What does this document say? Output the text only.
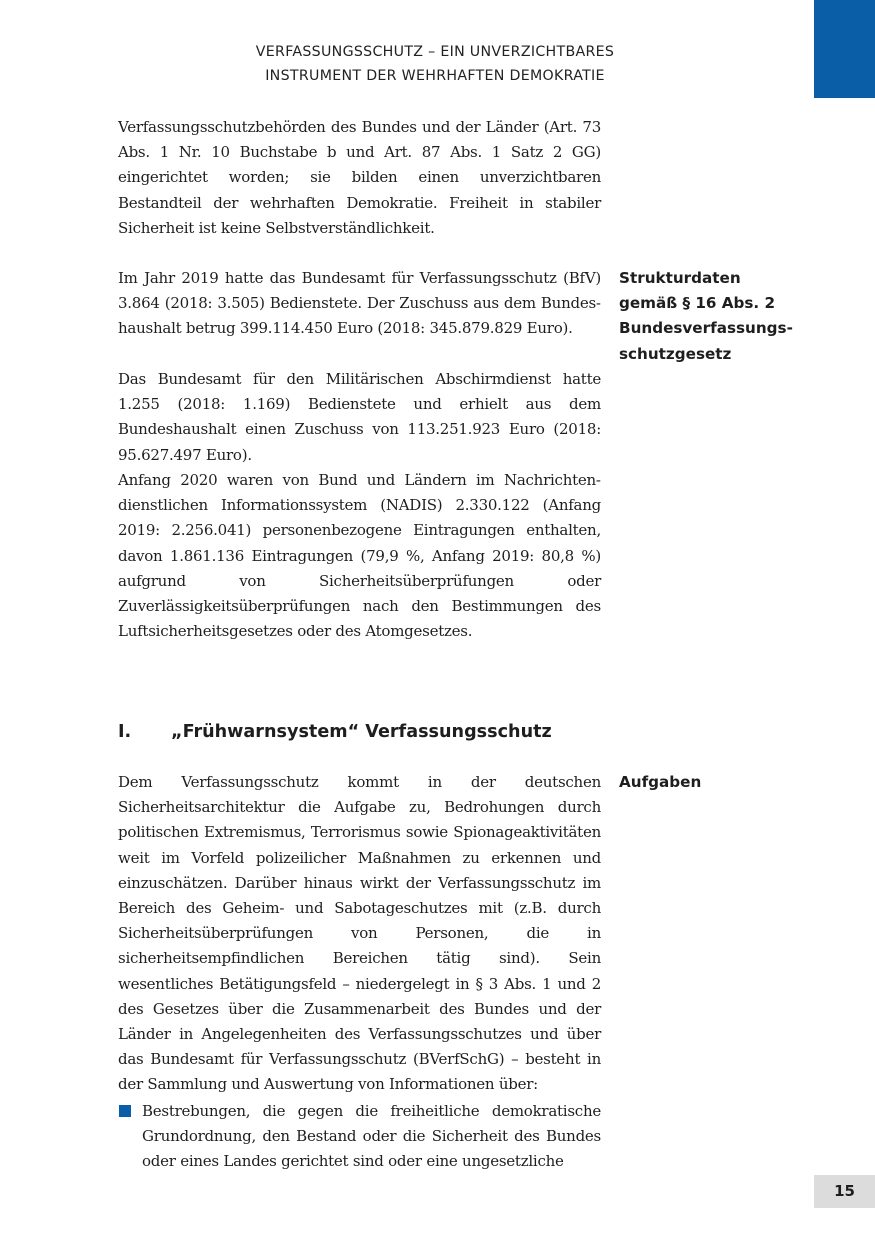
VERFASSUNGSSCHUTZ – EIN UNVERZICHTBARES
INSTRUMENT DER WEHRHAFTEN DEMOKRATIE

Verfassungsschutzbehörden des Bundes und der Länder (Art. 73 Abs. 1 Nr. 10 Buchstabe b und Art. 87 Abs. 1 Satz 2 GG) eingerichtet worden; sie bilden einen unverzichtbaren Bestandteil der wehrhaften Demokratie. Freiheit in stabiler Sicherheit ist keine Selbstverständlichkeit.

Im Jahr 2019 hatte das Bundesamt für Verfassungsschutz (BfV) 3.864 (2018: 3.505) Bedienstete. Der Zuschuss aus dem Bundeshaushalt betrug 399.114.450 Euro (2018: 345.879.829 Euro).

Strukturdaten
gemäß § 16 Abs. 2
Bundesverfassungs-
schutzgesetz

Das Bundesamt für den Militärischen Abschirmdienst hatte 1.255 (2018: 1.169) Bedienstete und erhielt aus dem Bundeshaushalt einen Zuschuss von 113.251.923 Euro (2018: 95.627.497 Euro).

Anfang 2020 waren von Bund und Ländern im Nachrichtendienstlichen Informationssystem (NADIS) 2.330.122 (Anfang 2019: 2.256.041) personenbezogene Eintragungen enthalten, davon 1.861.136 Eintragungen (79,9 %, Anfang 2019: 80,8 %) aufgrund von Sicherheitsüberprüfungen oder Zuverlässigkeitsüberprüfungen nach den Bestimmungen des Luftsicherheitsgesetzes oder des Atomgesetzes.

I. „Frühwarnsystem“ Verfassungsschutz

Dem Verfassungsschutz kommt in der deutschen Sicherheitsarchitektur die Aufgabe zu, Bedrohungen durch politischen Extremismus, Terrorismus sowie Spionageaktivitäten weit im Vorfeld polizeilicher Maßnahmen zu erkennen und einzuschätzen. Darüber hinaus wirkt der Verfassungsschutz im Bereich des Geheim- und Sabotageschutzes mit (z.B. durch Sicherheitsüberprüfungen von Personen, die in sicherheitsempfindlichen Bereichen tätig sind). Sein wesentliches Betätigungsfeld – niedergelegt in § 3 Abs. 1 und 2 des Gesetzes über die Zusammenarbeit des Bundes und der Länder in Angelegenheiten des Verfassungsschutzes und über das Bundesamt für Verfassungsschutz (BVerfSchG) – besteht in der Sammlung und Auswertung von Informationen über:

Aufgaben

Bestrebungen, die gegen die freiheitliche demokratische Grundordnung, den Bestand oder die Sicherheit des Bundes oder eines Landes gerichtet sind oder eine ungesetzliche

15
